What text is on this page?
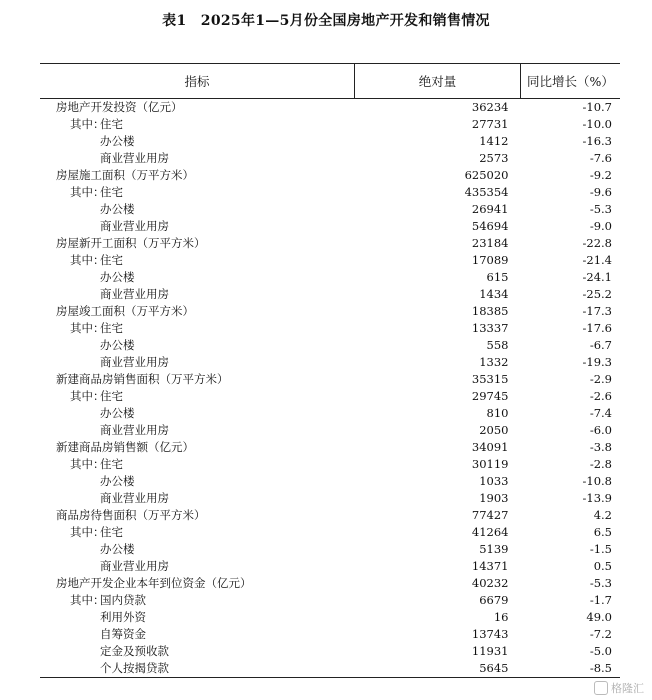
表1　2025年1—5月份全国房地产开发和销售情况
指标	绝对量	同比增长（%）
房地产开发投资（亿元）	36234	-10.7
其中：住宅	27731	-10.0
办公楼	1412	-16.3
商业营业用房	2573	-7.6
房屋施工面积（万平方米）	625020	-9.2
其中：住宅	435354	-9.6
办公楼	26941	-5.3
商业营业用房	54694	-9.0
房屋新开工面积（万平方米）	23184	-22.8
其中：住宅	17089	-21.4
办公楼	615	-24.1
商业营业用房	1434	-25.2
房屋竣工面积（万平方米）	18385	-17.3
其中：住宅	13337	-17.6
办公楼	558	-6.7
商业营业用房	1332	-19.3
新建商品房销售面积（万平方米）	35315	-2.9
其中：住宅	29745	-2.6
办公楼	810	-7.4
商业营业用房	2050	-6.0
新建商品房销售额（亿元）	34091	-3.8
其中：住宅	30119	-2.8
办公楼	1033	-10.8
商业营业用房	1903	-13.9
商品房待售面积（万平方米）	77427	4.2
其中：住宅	41264	6.5
办公楼	5139	-1.5
商业营业用房	14371	0.5
房地产开发企业本年到位资金（亿元）	40232	-5.3
其中：国内贷款	6679	-1.7
利用外资	16	49.0
自筹资金	13743	-7.2
定金及预收款	11931	-5.0
个人按揭贷款	5645	-8.5
格隆汇
